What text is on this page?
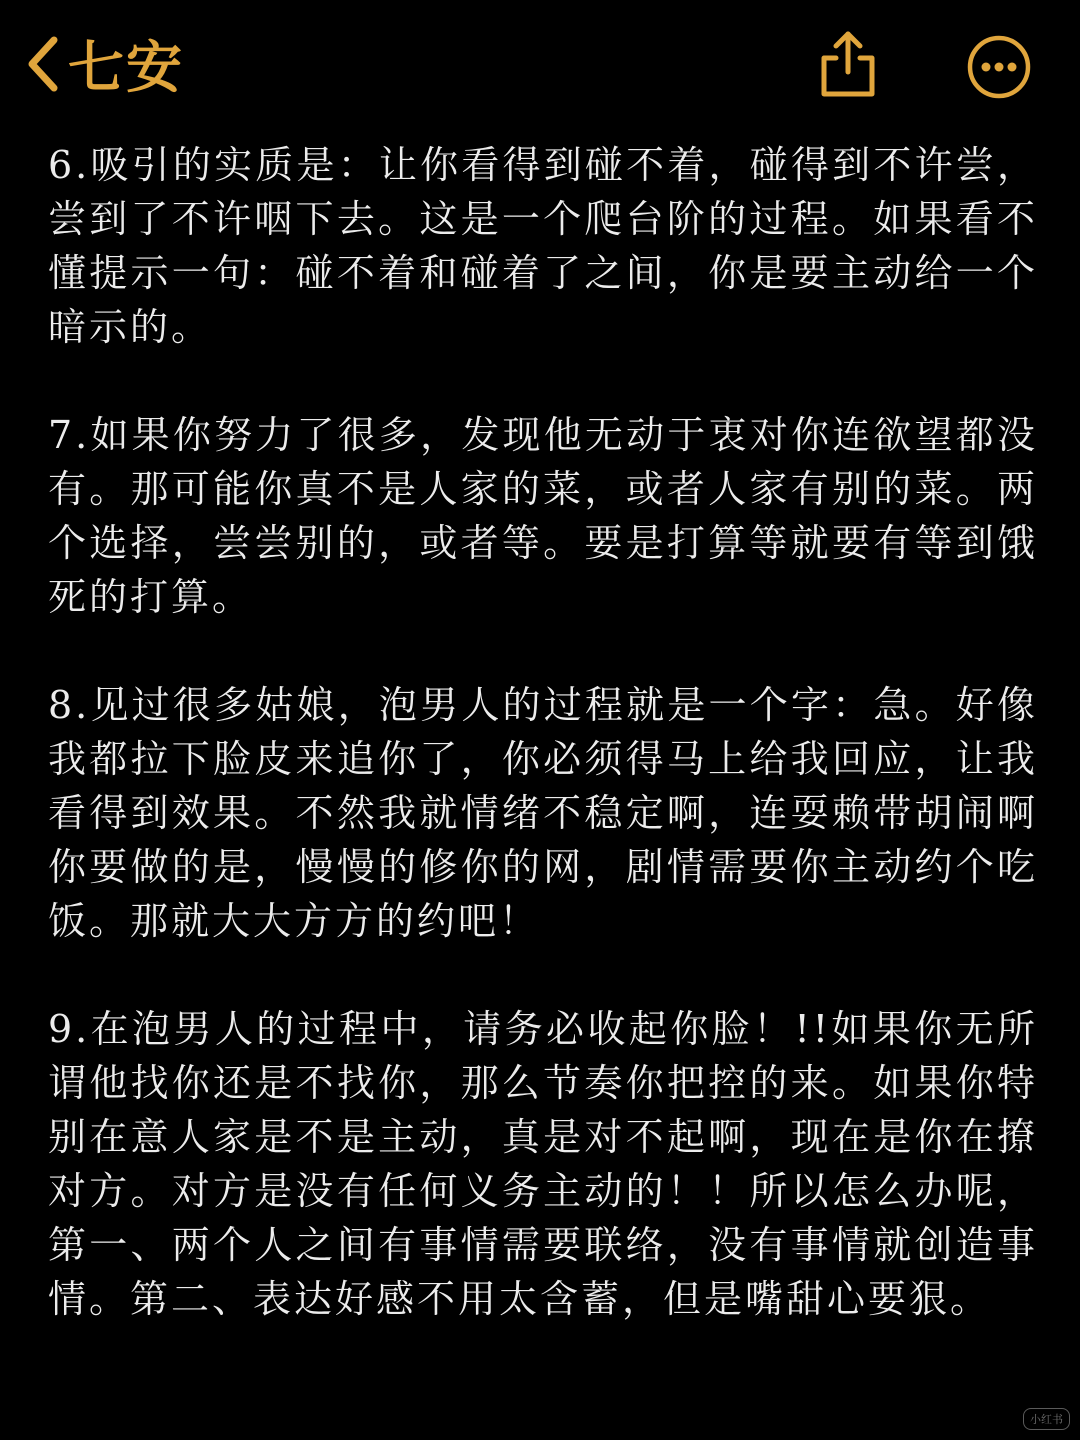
七安

6.吸引的实质是：让你看得到碰不着，碰得到不许尝，尝到了不许咽下去。这是一个爬台阶的过程。如果看不懂提示一句：碰不着和碰着了之间，你是要主动给一个暗示的。

7.如果你努力了很多，发现他无动于衷对你连欲望都没有。那可能你真不是人家的菜，或者人家有别的菜。两个选择，尝尝别的，或者等。要是打算等就要有等到饿死的打算。

8.见过很多姑娘，泡男人的过程就是一个字：急。好像我都拉下脸皮来追你了，你必须得马上给我回应，让我看得到效果。不然我就情绪不稳定啊，连耍赖带胡闹啊你要做的是，慢慢的修你的网，剧情需要你主动约个吃饭。那就大大方方的约吧！

9.在泡男人的过程中，请务必收起你脸！!!如果你无所谓他找你还是不找你，那么节奏你把控的来。如果你特别在意人家是不是主动，真是对不起啊，现在是你在撩对方。对方是没有任何义务主动的！！所以怎么办呢，第一、两个人之间有事情需要联络，没有事情就创造事情。第二、表达好感不用太含蓄，但是嘴甜心要狠。

小红书
